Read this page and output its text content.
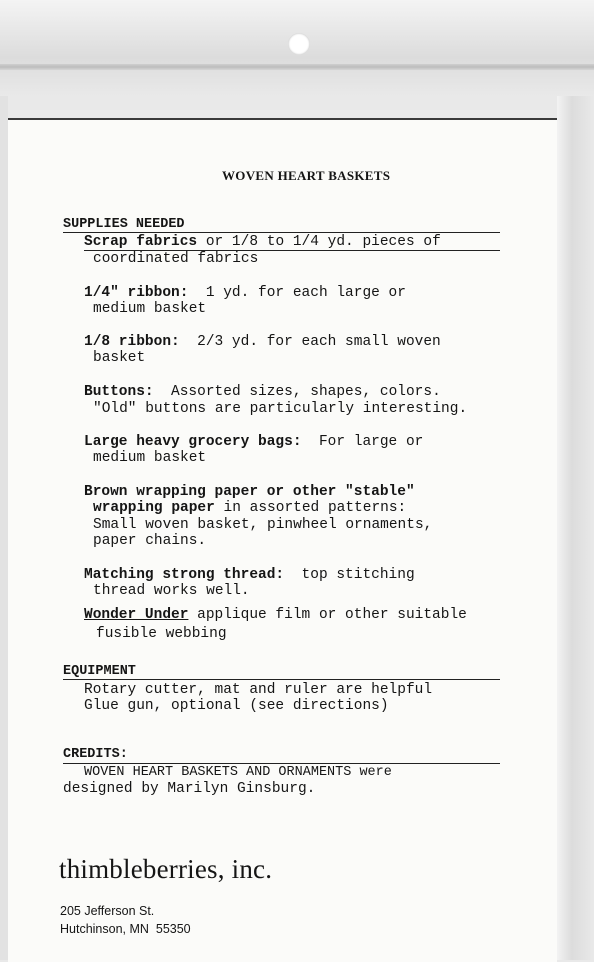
WOVEN HEART BASKETS
SUPPLIES NEEDED
Scrap fabrics or 1/8 to 1/4 yd. pieces of
coordinated fabrics
1/4" ribbon:  1 yd. for each large or
medium basket
1/8 ribbon:  2/3 yd. for each small woven
basket
Buttons:  Assorted sizes, shapes, colors.
"Old" buttons are particularly interesting.
Large heavy grocery bags:  For large or
medium basket
Brown wrapping paper or other "stable"
wrapping paper in assorted patterns:
Small woven basket, pinwheel ornaments,
paper chains.
Matching strong thread:  top stitching
thread works well.
Wonder Under applique film or other suitable
fusible webbing
EQUIPMENT
Rotary cutter, mat and ruler are helpful
Glue gun, optional (see directions)
CREDITS:
WOVEN HEART BASKETS AND ORNAMENTS were
designed by Marilyn Ginsburg.
thimbleberries, inc.
205 Jefferson St.
Hutchinson, MN  55350
